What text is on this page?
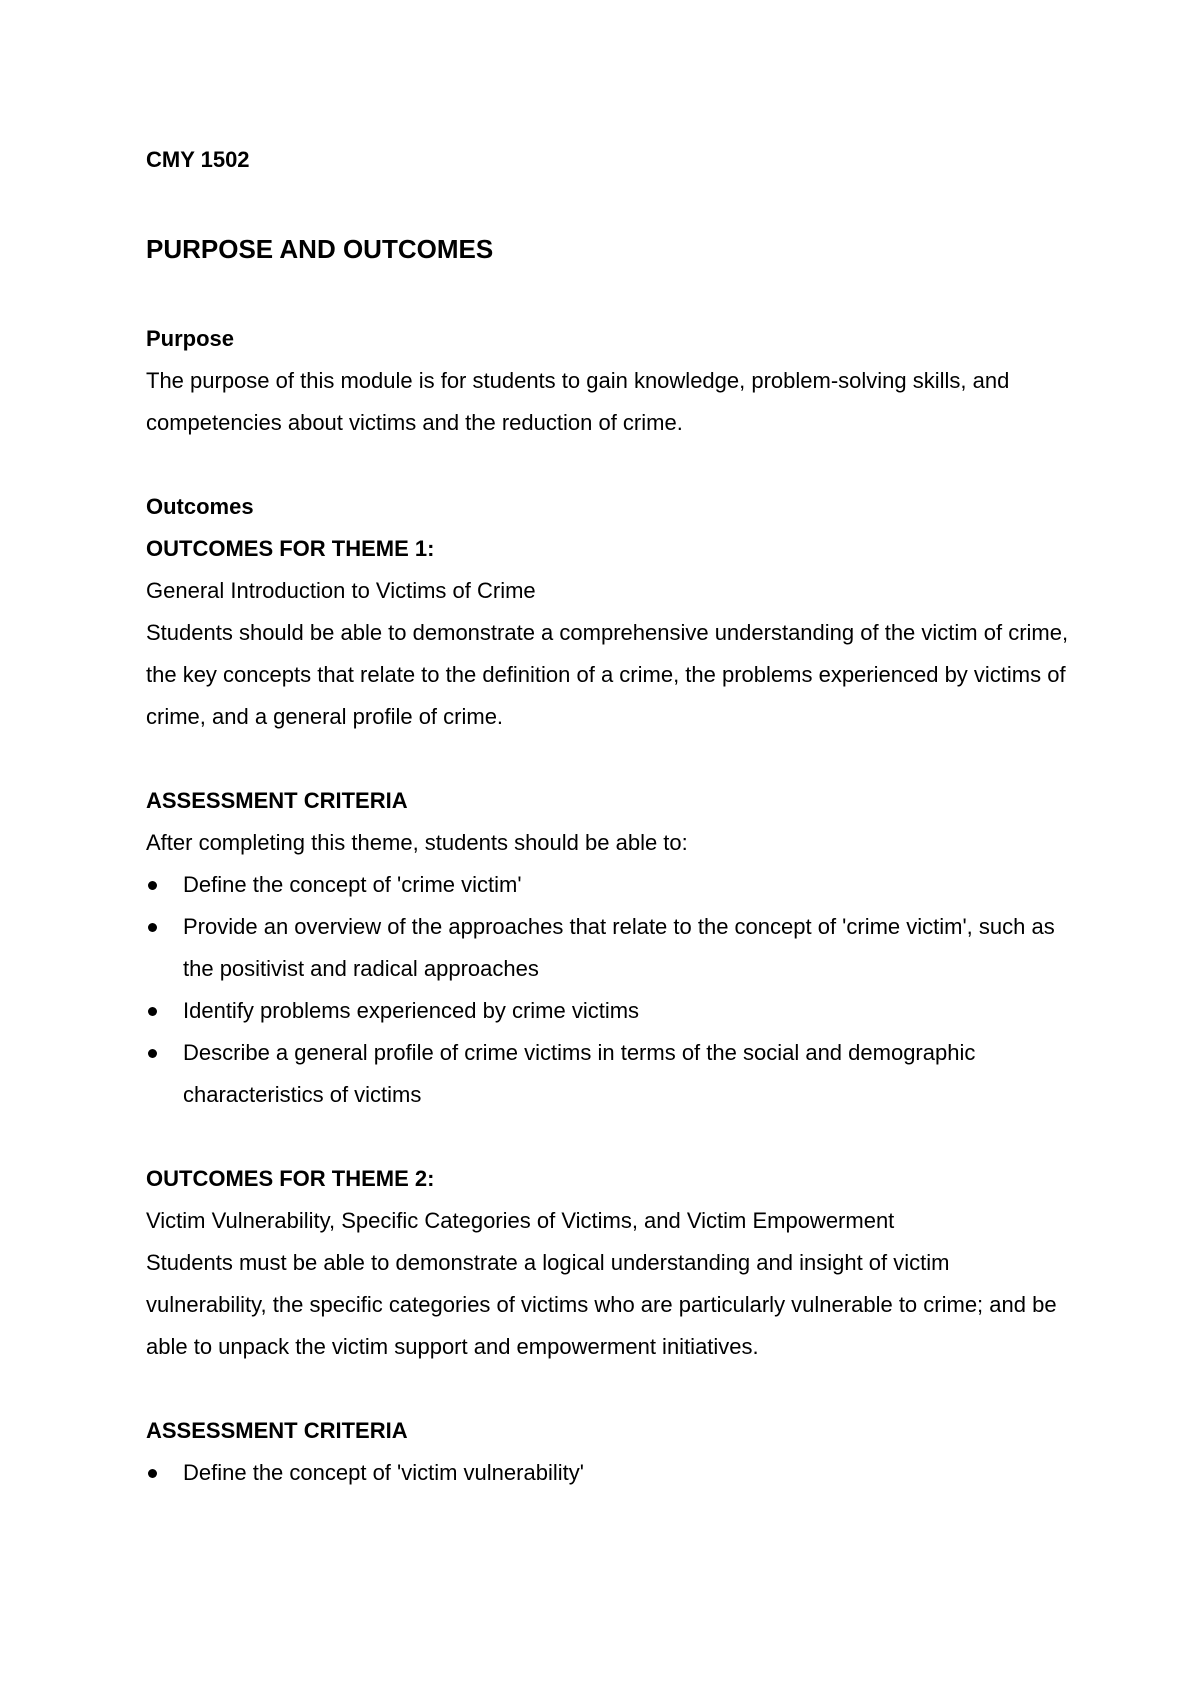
CMY 1502
PURPOSE AND OUTCOMES
Purpose

The purpose of this module is for students to gain knowledge, problem-solving skills, and competencies about victims and the reduction of crime.

Outcomes
OUTCOMES FOR THEME 1:

General Introduction to Victims of Crime

Students should be able to demonstrate a comprehensive understanding of the victim of crime, the key concepts that relate to the definition of a crime, the problems experienced by victims of crime, and a general profile of crime.

ASSESSMENT CRITERIA

After completing this theme, students should be able to:

Define the concept of 'crime victim'
Provide an overview of the approaches that relate to the concept of 'crime victim', such as the positivist and radical approaches
Identify problems experienced by crime victims
Describe a general profile of crime victims in terms of the social and demographic characteristics of victims
OUTCOMES FOR THEME 2:

Victim Vulnerability, Specific Categories of Victims, and Victim Empowerment

Students must be able to demonstrate a logical understanding and insight of victim vulnerability, the specific categories of victims who are particularly vulnerable to crime; and be able to unpack the victim support and empowerment initiatives.

ASSESSMENT CRITERIA
Define the concept of 'victim vulnerability'
